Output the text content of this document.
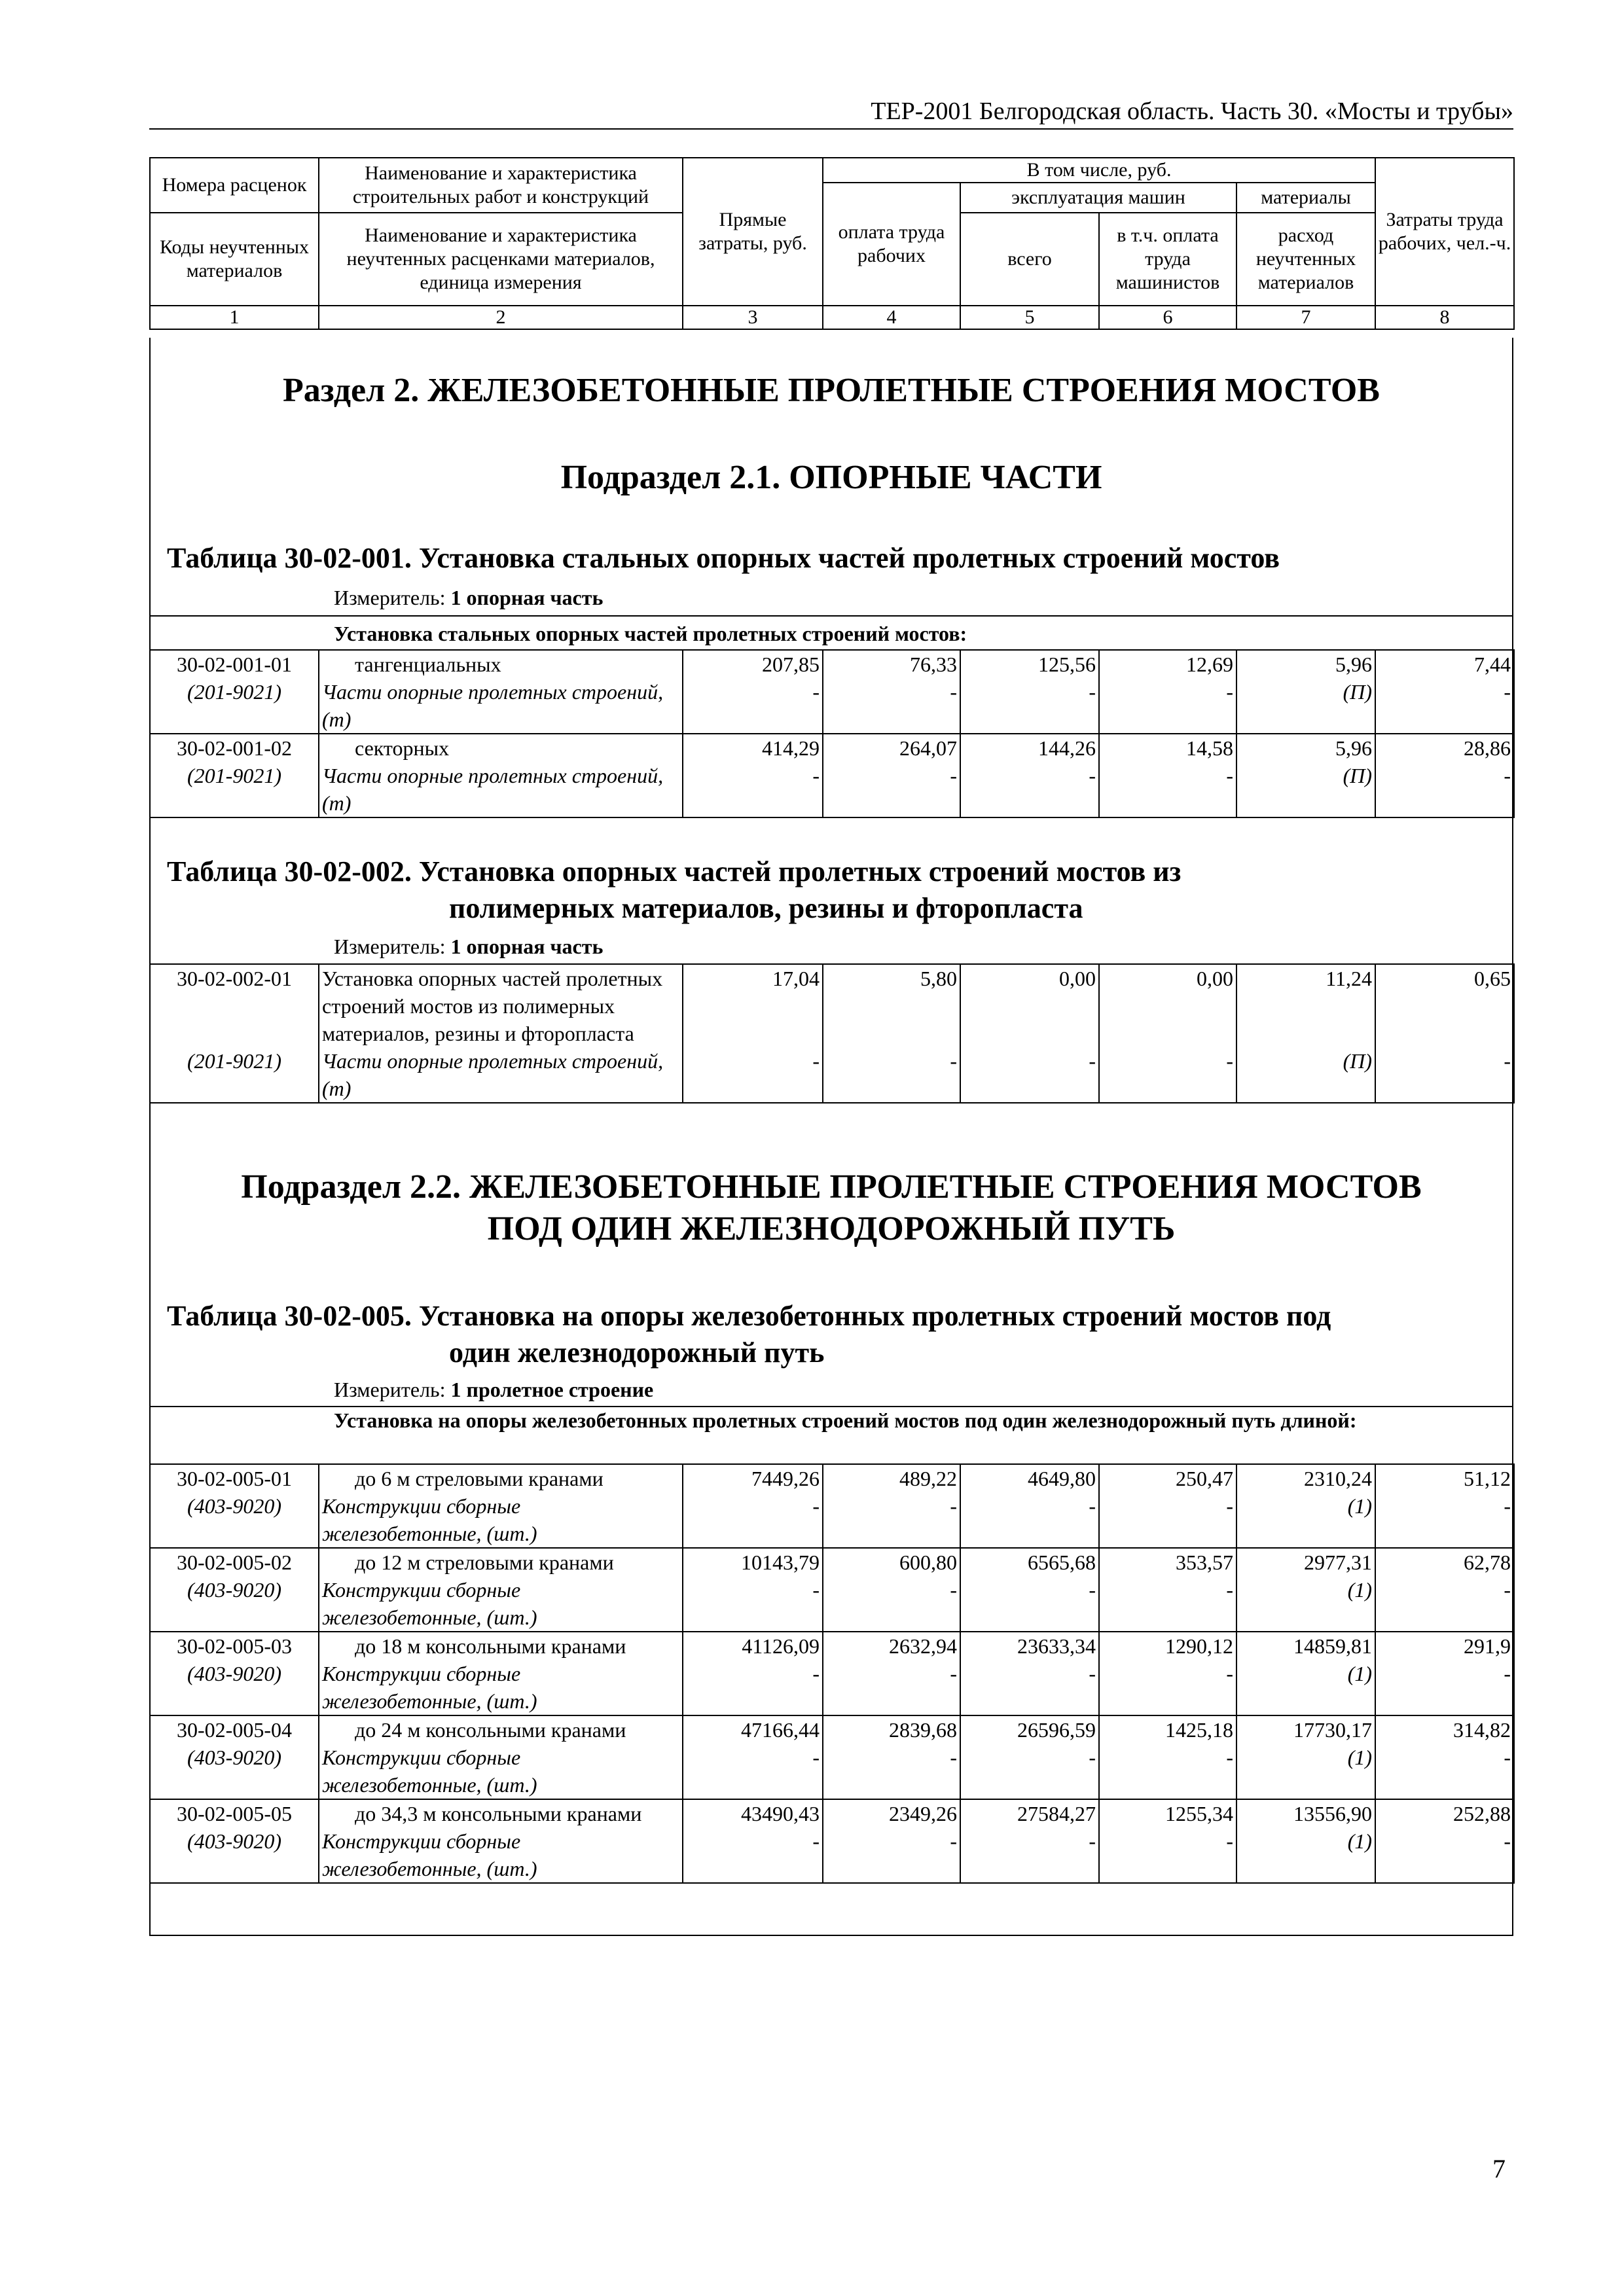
ТЕР-2001 Белгородская область. Часть 30. «Мосты и трубы»
Номера расценок	Наименование и характеристика строительных работ и конструкций	Прямые затраты, руб.	В том числе, руб.				Затраты труда рабочих, чел.-ч.
			оплата труда рабочих	эксплуатация машин		материалы	
Коды неучтенных материалов	Наименование и характеристика неучтенных расценками материалов, единица измерения			всего	в т.ч. оплата труда машинистов	расход неучтенных материалов	

1	2	3	4	5	6	7	8
Раздел 2. ЖЕЛЕЗОБЕТОННЫЕ ПРОЛЕТНЫЕ СТРОЕНИЯ МОСТОВ
Подраздел 2.1. ОПОРНЫЕ ЧАСТИ
Таблица 30-02-001. Установка стальных опорных частей пролетных строений мостов
Измеритель: 1 опорная часть
Установка стальных опорных частей пролетных строений мостов:
30-02-001-01	тангенциальных	207,85	76,33	125,56	12,69	5,96	7,44
(201-9021)	Части опорные пролетных строений, (т)	-	-	-	-	(П)	-
30-02-001-02	секторных	414,29	264,07	144,26	14,58	5,96	28,86
(201-9021)	Части опорные пролетных строений, (т)	-	-	-	-	(П)	-
Таблица 30-02-002. Установка опорных частей пролетных строений мостов из
полимерных материалов, резины и фторопласта
Измеритель: 1 опорная часть
30-02-002-01	Установка опорных частей пролетных строений мостов из полимерных материалов, резины и фторопласта	17,04	5,80	0,00	0,00	11,24	0,65
(201-9021)	Части опорные пролетных строений, (т)	-	-	-	-	(П)	-
Подраздел 2.2. ЖЕЛЕЗОБЕТОННЫЕ ПРОЛЕТНЫЕ СТРОЕНИЯ МОСТОВ
ПОД ОДИН ЖЕЛЕЗНОДОРОЖНЫЙ ПУТЬ
Таблица 30-02-005. Установка на опоры железобетонных пролетных строений мостов под
один железнодорожный путь
Измеритель: 1 пролетное строение
Установка на опоры железобетонных пролетных строений мостов под один железнодорожный путь длиной:
30-02-005-01	до 6 м стреловыми кранами	7449,26	489,22	4649,80	250,47	2310,24	51,12
(403-9020)	Конструкции сборные железобетонные, (шт.)	-	-	-	-	(1)	-
30-02-005-02	до 12 м стреловыми кранами	10143,79	600,80	6565,68	353,57	2977,31	62,78
(403-9020)	Конструкции сборные железобетонные, (шт.)	-	-	-	-	(1)	-
30-02-005-03	до 18 м консольными кранами	41126,09	2632,94	23633,34	1290,12	14859,81	291,9
(403-9020)	Конструкции сборные железобетонные, (шт.)	-	-	-	-	(1)	-
30-02-005-04	до 24 м консольными кранами	47166,44	2839,68	26596,59	1425,18	17730,17	314,82
(403-9020)	Конструкции сборные железобетонные, (шт.)	-	-	-	-	(1)	-
30-02-005-05	до 34,3 м консольными кранами	43490,43	2349,26	27584,27	1255,34	13556,90	252,88
(403-9020)	Конструкции сборные железобетонные, (шт.)	-	-	-	-	(1)	-
7
